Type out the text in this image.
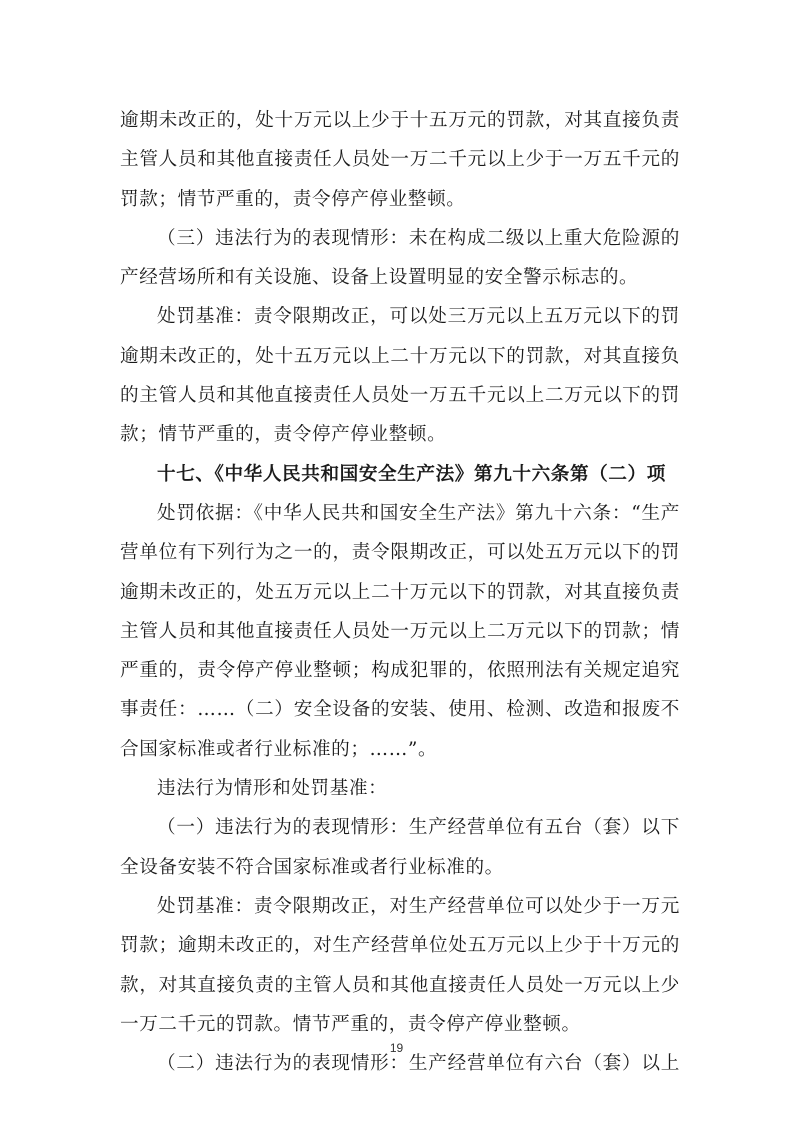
逾期未改正的，处十万元以上少于十五万元的罚款，对其直接负责
主管人员和其他直接责任人员处一万二千元以上少于一万五千元的
罚款；情节严重的，责令停产停业整顿。
（三）违法行为的表现情形：未在构成二级以上重大危险源的
产经营场所和有关设施、设备上设置明显的安全警示标志的。
处罚基准：责令限期改正，可以处三万元以上五万元以下的罚
逾期未改正的，处十五万元以上二十万元以下的罚款，对其直接负
的主管人员和其他直接责任人员处一万五千元以上二万元以下的罚
款；情节严重的，责令停产停业整顿。
十七、《中华人民共和国安全生产法》第九十六条第（二）项
处罚依据：《中华人民共和国安全生产法》第九十六条：“生产
营单位有下列行为之一的，责令限期改正，可以处五万元以下的罚
逾期未改正的，处五万元以上二十万元以下的罚款，对其直接负责
主管人员和其他直接责任人员处一万元以上二万元以下的罚款；情
严重的，责令停产停业整顿；构成犯罪的，依照刑法有关规定追究
事责任：……（二）安全设备的安装、使用、检测、改造和报废不
合国家标准或者行业标准的；……”。
违法行为情形和处罚基准：
（一）违法行为的表现情形：生产经营单位有五台（套）以下
全设备安装不符合国家标准或者行业标准的。
处罚基准：责令限期改正，对生产经营单位可以处少于一万元
罚款；逾期未改正的，对生产经营单位处五万元以上少于十万元的
款，对其直接负责的主管人员和其他直接责任人员处一万元以上少
一万二千元的罚款。情节严重的，责令停产停业整顿。
（二）违法行为的表现情形：生产经营单位有六台（套）以上
19
